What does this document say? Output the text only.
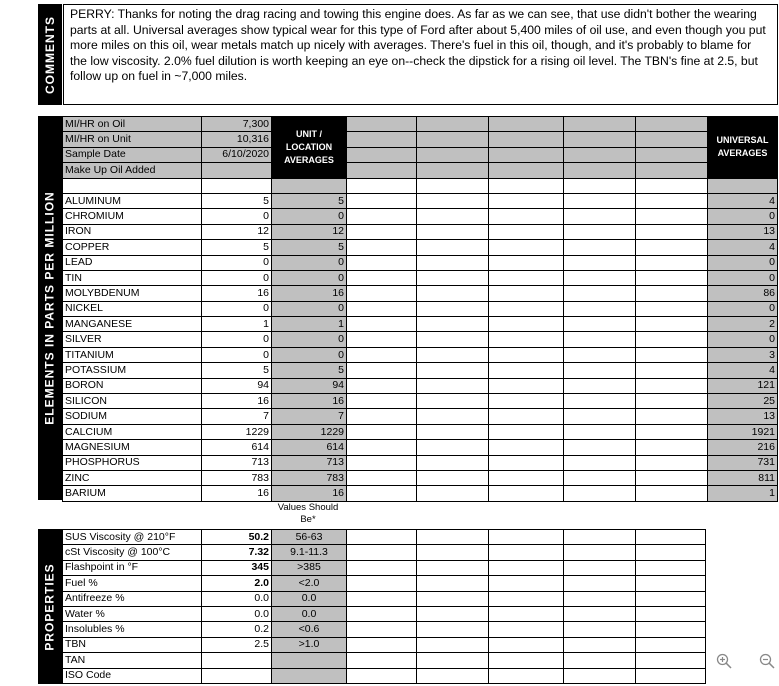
COMMENTS
PERRY: Thanks for noting the drag racing and towing this engine does. As far as we can see, that use didn't bother the wearing parts at all. Universal averages show typical wear for this type of Ford after about 5,400 miles of oil use, and even though you put more miles on this oil, wear metals match up nicely with averages. There's fuel in this oil, though, and it's probably to blame for the low viscosity. 2.0% fuel dilution is worth keeping an eye on--check the dipstick for a rising oil level. The TBN's fine at 2.5, but follow up on fuel in ~7,000 miles.
ELEMENTS IN PARTS PER MILLION
MI/HR on Oil	7,300	UNIT / LOCATION AVERAGES						UNIVERSAL AVERAGES
MI/HR on Unit	10,316							
Sample Date	6/10/2020							
Make Up Oil Added								

ALUMINUM	5	5						4
CHROMIUM	0	0						0
IRON	12	12						13
COPPER	5	5						4
LEAD	0	0						0
TIN	0	0						0
MOLYBDENUM	16	16						86
NICKEL	0	0						0
MANGANESE	1	1						2
SILVER	0	0						0
TITANIUM	0	0						3
POTASSIUM	5	5						4
BORON	94	94						121
SILICON	16	16						25
SODIUM	7	7						13
CALCIUM	1229	1229						1921
MAGNESIUM	614	614						216
PHOSPHORUS	713	713						731
ZINC	783	783						811
BARIUM	16	16						1
Values Should Be*
PROPERTIES
SUS Viscosity @ 210°F	50.2	56-63					
cSt Viscosity @ 100°C	7.32	9.1-11.3					
Flashpoint in °F	345	>385					
Fuel %	2.0	<2.0					
Antifreeze %	0.0	0.0					
Water %	0.0	0.0					
Insolubles %	0.2	<0.6					
TBN	2.5	>1.0					
TAN							
ISO Code							
